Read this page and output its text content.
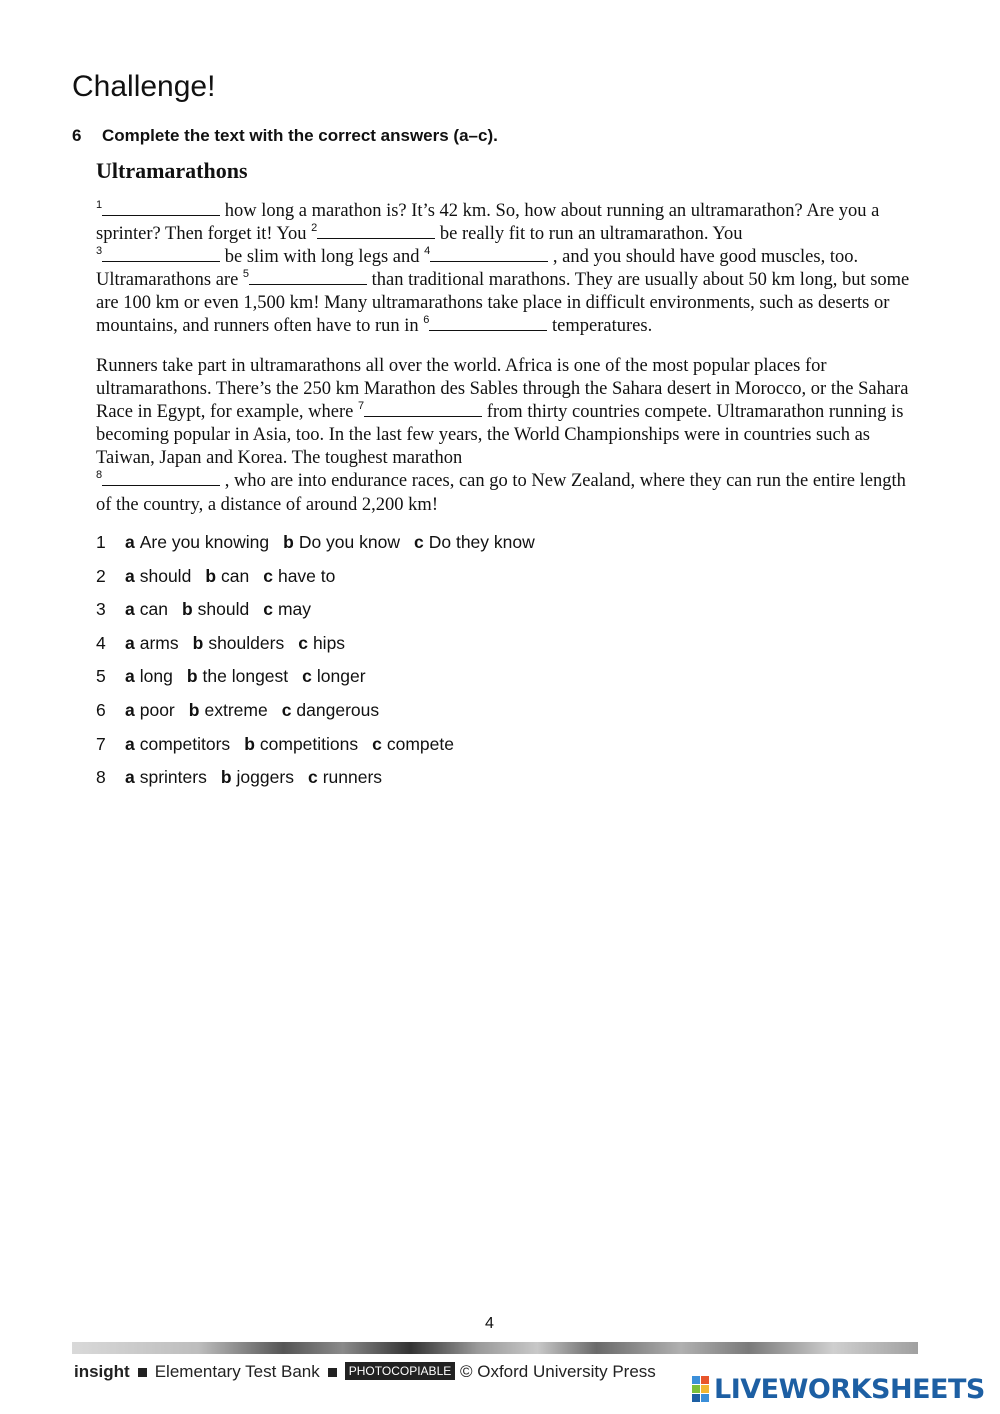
Challenge!
6 Complete the text with the correct answers (a–c).
Ultramarathons

$^1$	how long a marathon is? It’s 42 km. So, how about running an ultramarathon? Are you a sprinter? Then forget it! You $^2$	be really fit to run an ultramarathon. You
$^3$	be slim with long legs and $^4$	, and you should have good muscles, too. Ultramarathons are $^5$	than traditional marathons. They are usually about 50 km long, but some are 100 km or even 1,500 km! Many ultramarathons take place in difficult environments, such as deserts or mountains, and runners often have to run in $^6$	temperatures.

Runners take part in ultramarathons all over the world. Africa is one of the most popular places for ultramarathons. There’s the 250 km Marathon des Sables through the Sahara desert in Morocco, or the Sahara Race in Egypt, for example, where $^7$	from thirty countries compete. Ultramarathon running is becoming popular in Asia, too. In the last few years, the World Championships were in countries such as Taiwan, Japan and Korea. The toughest marathon
$^8$	, who are into endurance races, can go to New Zealand, where they can run the entire length of the country, a distance of around 2,200 km!

1 a Are you knowing b Do you know c Do they know
2 a should b can c have to
3 a can b should c may
4 a arms b shoulders c hips
5 a long b the longest c longer
6 a poor b extreme c dangerous
7 a competitors b competitions c compete
8 a sprinters b joggers c runners
4
insight Elementary Test Bank PHOTOCOPIABLE © Oxford University Press
LIVEWORKSHEETS
